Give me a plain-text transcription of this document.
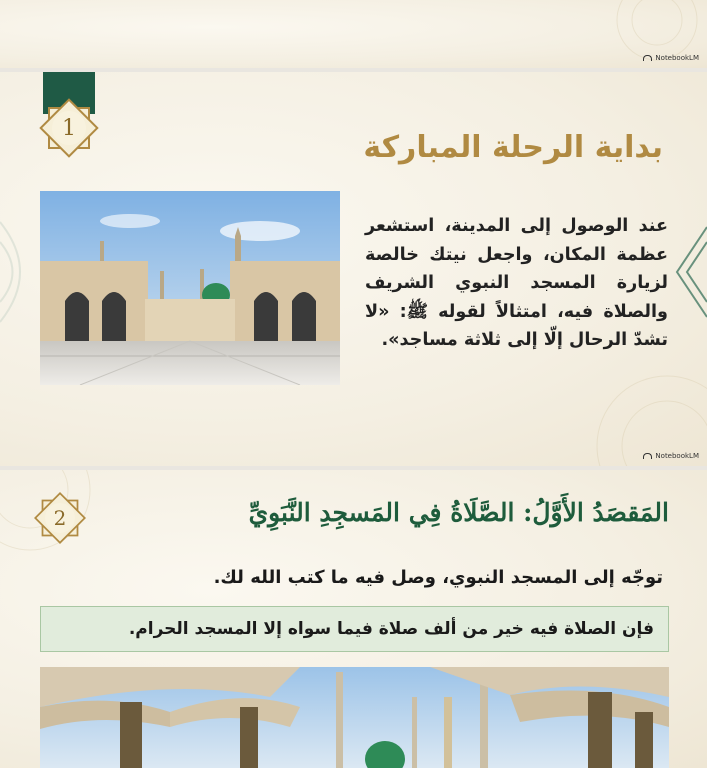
NotebookLM
1
بداية الرحلة المباركة

عند الوصول إلى المدينة، استشعر عظمة المكان، واجعل نيتك خالصة لزيارة المسجد النبوي الشريف والصلاة فيه، امتثالاً لقوله ﷺ: «لا تشدّ الرحال إلّا إلى ثلاثة مساجد».

NotebookLM
2	المَقصَدُ الأَوَّلُ: الصَّلَاةُ فِي المَسجِدِ النَّبَوِيِّ

توجّه إلى المسجد النبوي، وصل فيه ما كتب الله لك.

فإن الصلاة فيه خير من ألف صلاة فيما سواه إلا المسجد الحرام.
